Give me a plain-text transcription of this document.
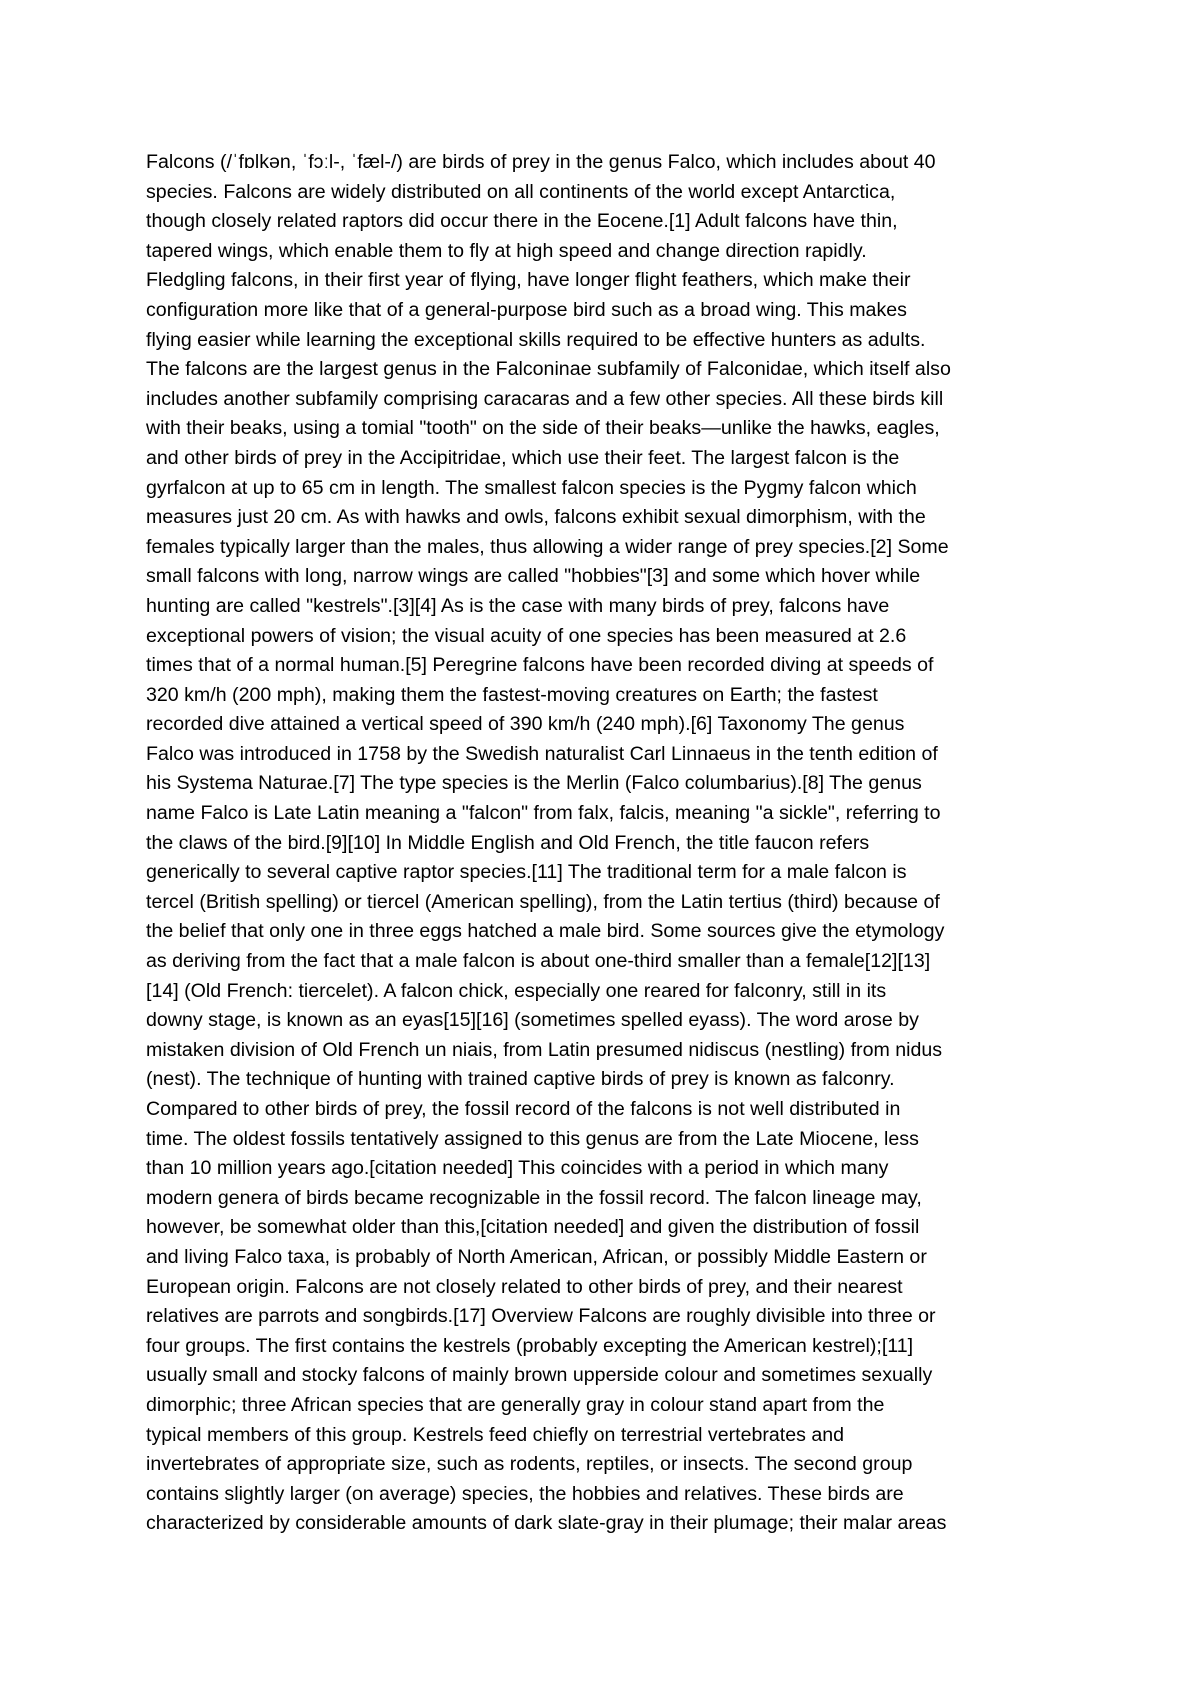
Falcons (/ˈfɒlkən, ˈfɔːl-, ˈfæl-/) are birds of prey in the genus Falco, which includes about 40
species. Falcons are widely distributed on all continents of the world except Antarctica,
though closely related raptors did occur there in the Eocene.[1] Adult falcons have thin,
tapered wings, which enable them to fly at high speed and change direction rapidly.
Fledgling falcons, in their first year of flying, have longer flight feathers, which make their
configuration more like that of a general-purpose bird such as a broad wing. This makes
flying easier while learning the exceptional skills required to be effective hunters as adults.
The falcons are the largest genus in the Falconinae subfamily of Falconidae, which itself also
includes another subfamily comprising caracaras and a few other species. All these birds kill
with their beaks, using a tomial "tooth" on the side of their beaks—unlike the hawks, eagles,
and other birds of prey in the Accipitridae, which use their feet. The largest falcon is the
gyrfalcon at up to 65 cm in length. The smallest falcon species is the Pygmy falcon which
measures just 20 cm. As with hawks and owls, falcons exhibit sexual dimorphism, with the
females typically larger than the males, thus allowing a wider range of prey species.[2] Some
small falcons with long, narrow wings are called "hobbies"[3] and some which hover while
hunting are called "kestrels".[3][4] As is the case with many birds of prey, falcons have
exceptional powers of vision; the visual acuity of one species has been measured at 2.6
times that of a normal human.[5] Peregrine falcons have been recorded diving at speeds of
320 km/h (200 mph), making them the fastest-moving creatures on Earth; the fastest
recorded dive attained a vertical speed of 390 km/h (240 mph).[6] Taxonomy The genus
Falco was introduced in 1758 by the Swedish naturalist Carl Linnaeus in the tenth edition of
his Systema Naturae.[7] The type species is the Merlin (Falco columbarius).[8] The genus
name Falco is Late Latin meaning a "falcon" from falx, falcis, meaning "a sickle", referring to
the claws of the bird.[9][10] In Middle English and Old French, the title faucon refers
generically to several captive raptor species.[11] The traditional term for a male falcon is
tercel (British spelling) or tiercel (American spelling), from the Latin tertius (third) because of
the belief that only one in three eggs hatched a male bird. Some sources give the etymology
as deriving from the fact that a male falcon is about one-third smaller than a female[12][13]
[14] (Old French: tiercelet). A falcon chick, especially one reared for falconry, still in its
downy stage, is known as an eyas[15][16] (sometimes spelled eyass). The word arose by
mistaken division of Old French un niais, from Latin presumed nidiscus (nestling) from nidus
(nest). The technique of hunting with trained captive birds of prey is known as falconry.
Compared to other birds of prey, the fossil record of the falcons is not well distributed in
time. The oldest fossils tentatively assigned to this genus are from the Late Miocene, less
than 10 million years ago.[citation needed] This coincides with a period in which many
modern genera of birds became recognizable in the fossil record. The falcon lineage may,
however, be somewhat older than this,[citation needed] and given the distribution of fossil
and living Falco taxa, is probably of North American, African, or possibly Middle Eastern or
European origin. Falcons are not closely related to other birds of prey, and their nearest
relatives are parrots and songbirds.[17] Overview Falcons are roughly divisible into three or
four groups. The first contains the kestrels (probably excepting the American kestrel);[11]
usually small and stocky falcons of mainly brown upperside colour and sometimes sexually
dimorphic; three African species that are generally gray in colour stand apart from the
typical members of this group. Kestrels feed chiefly on terrestrial vertebrates and
invertebrates of appropriate size, such as rodents, reptiles, or insects. The second group
contains slightly larger (on average) species, the hobbies and relatives. These birds are
characterized by considerable amounts of dark slate-gray in their plumage; their malar areas
